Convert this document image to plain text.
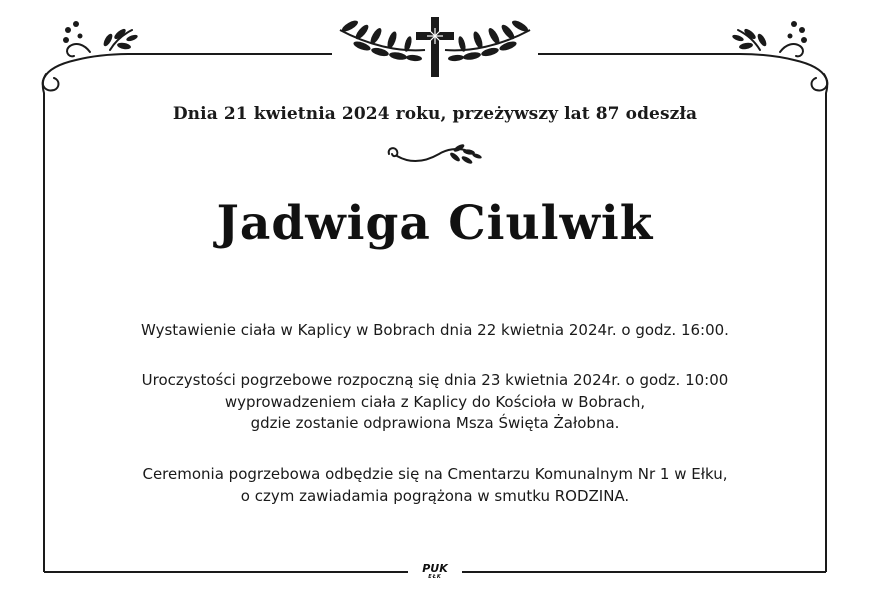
Dnia 21 kwietnia 2024 roku, przeżywszy lat 87 odeszła
Jadwiga Ciulwik
Wystawienie ciała w Kaplicy w Bobrach dnia 22 kwietnia 2024r. o godz. 16:00.
Uroczystości pogrzebowe rozpoczną się dnia 23 kwietnia 2024r. o godz. 10:00
wyprowadzeniem ciała z Kaplicy do Kościoła w Bobrach,
gdzie zostanie odprawiona Msza Święta Żałobna.
Ceremonia pogrzebowa odbędzie się na Cmentarzu Komunalnym Nr 1 w Ełku,
o czym zawiadamia pogrążona w smutku RODZINA.
PUK
EŁK
